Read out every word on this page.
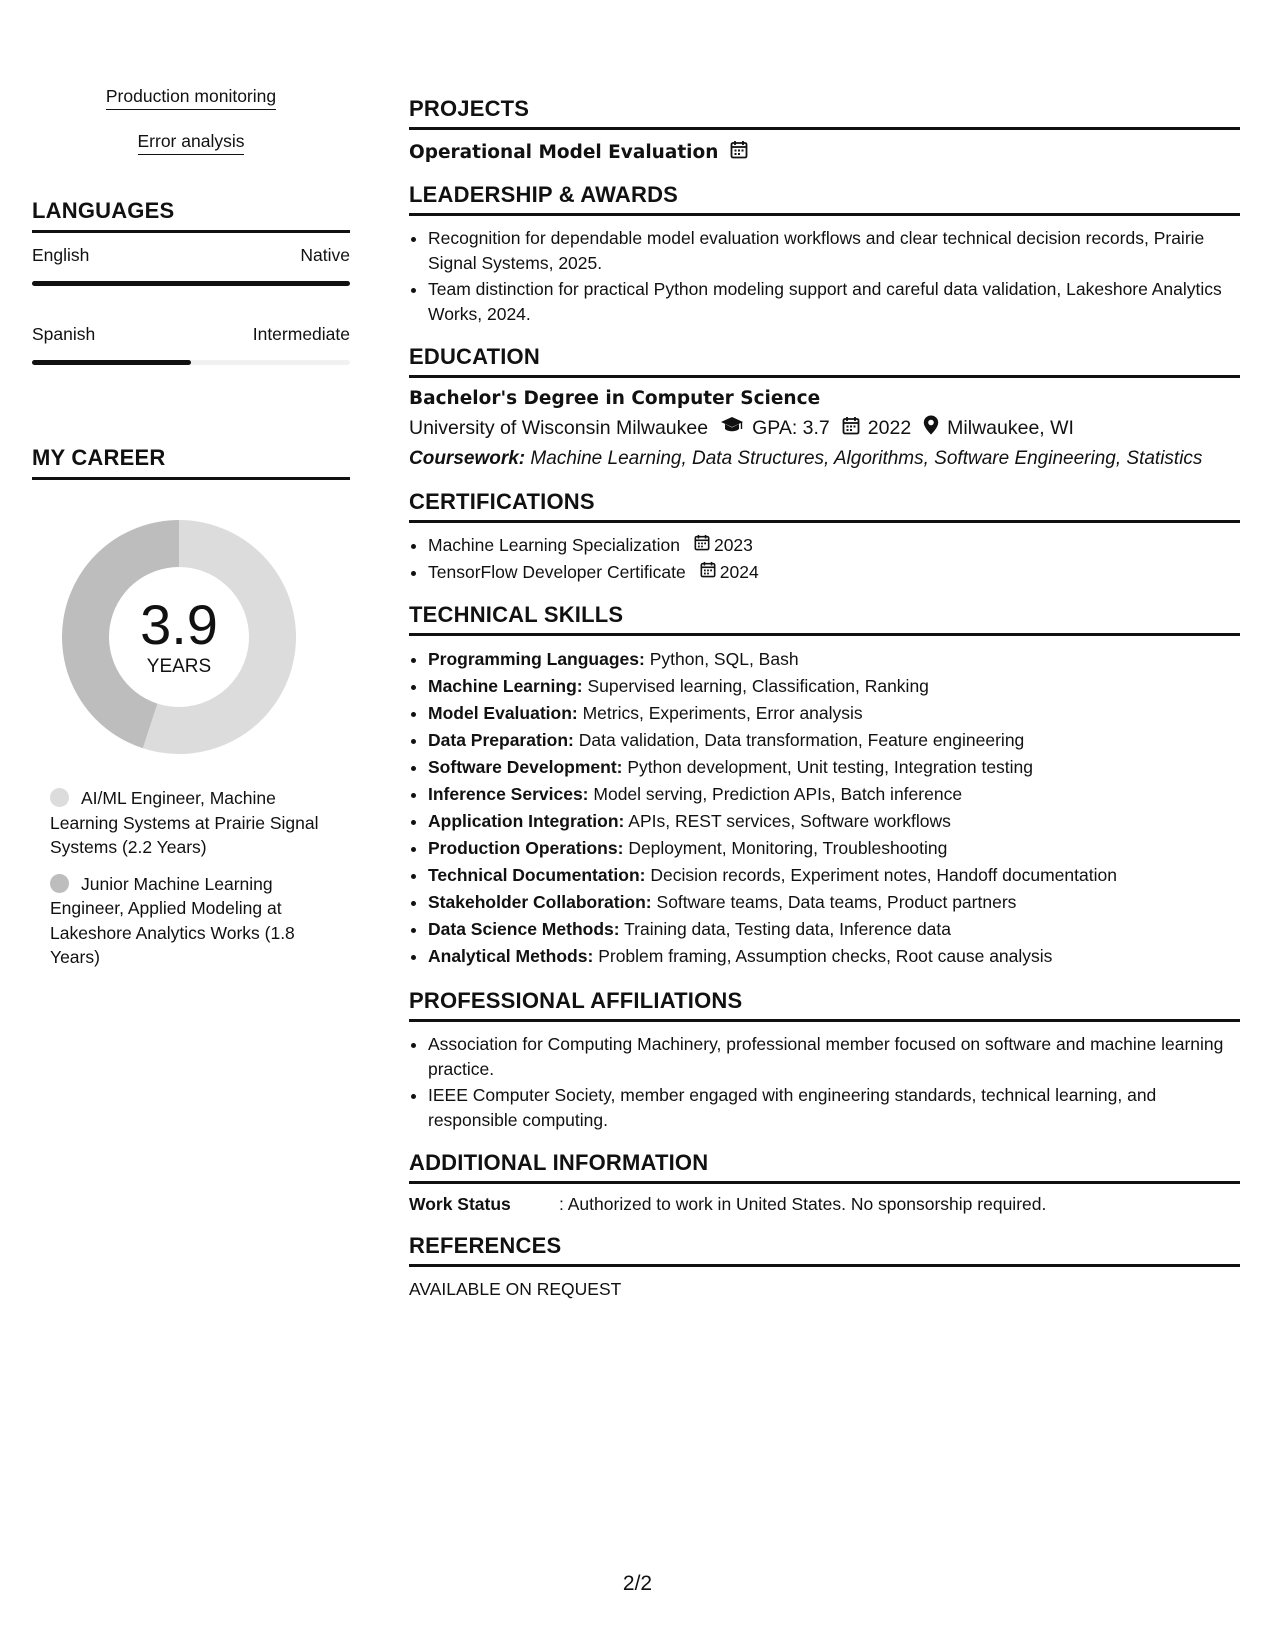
Production monitoring
Error analysis
LANGUAGES
English	Native
Spanish	Intermediate
MY CAREER
3.9
YEARS
AI/ML Engineer, Machine Learning Systems at Prairie Signal Systems (2.2 Years)
Junior Machine Learning Engineer, Applied Modeling at Lakeshore Analytics Works (1.8 Years)
PROJECTS
Operational Model Evaluation
LEADERSHIP & AWARDS
• Recognition for dependable model evaluation workflows and clear technical decision records, Prairie Signal Systems, 2025.
• Team distinction for practical Python modeling support and careful data validation, Lakeshore Analytics Works, 2024.
EDUCATION
Bachelor's Degree in Computer Science
University of Wisconsin Milwaukee GPA: 3.7 2022 Milwaukee, WI
Coursework: Machine Learning, Data Structures, Algorithms, Software Engineering, Statistics
CERTIFICATIONS
• Machine Learning Specialization 2023
• TensorFlow Developer Certificate 2024
TECHNICAL SKILLS
• Programming Languages: Python, SQL, Bash
• Machine Learning: Supervised learning, Classification, Ranking
• Model Evaluation: Metrics, Experiments, Error analysis
• Data Preparation: Data validation, Data transformation, Feature engineering
• Software Development: Python development, Unit testing, Integration testing
• Inference Services: Model serving, Prediction APIs, Batch inference
• Application Integration: APIs, REST services, Software workflows
• Production Operations: Deployment, Monitoring, Troubleshooting
• Technical Documentation: Decision records, Experiment notes, Handoff documentation
• Stakeholder Collaboration: Software teams, Data teams, Product partners
• Data Science Methods: Training data, Testing data, Inference data
• Analytical Methods: Problem framing, Assumption checks, Root cause analysis
PROFESSIONAL AFFILIATIONS
• Association for Computing Machinery, professional member focused on software and machine learning practice.
• IEEE Computer Society, member engaged with engineering standards, technical learning, and responsible computing.
ADDITIONAL INFORMATION
Work Status	: Authorized to work in United States. No sponsorship required.
REFERENCES
AVAILABLE ON REQUEST
2/2
